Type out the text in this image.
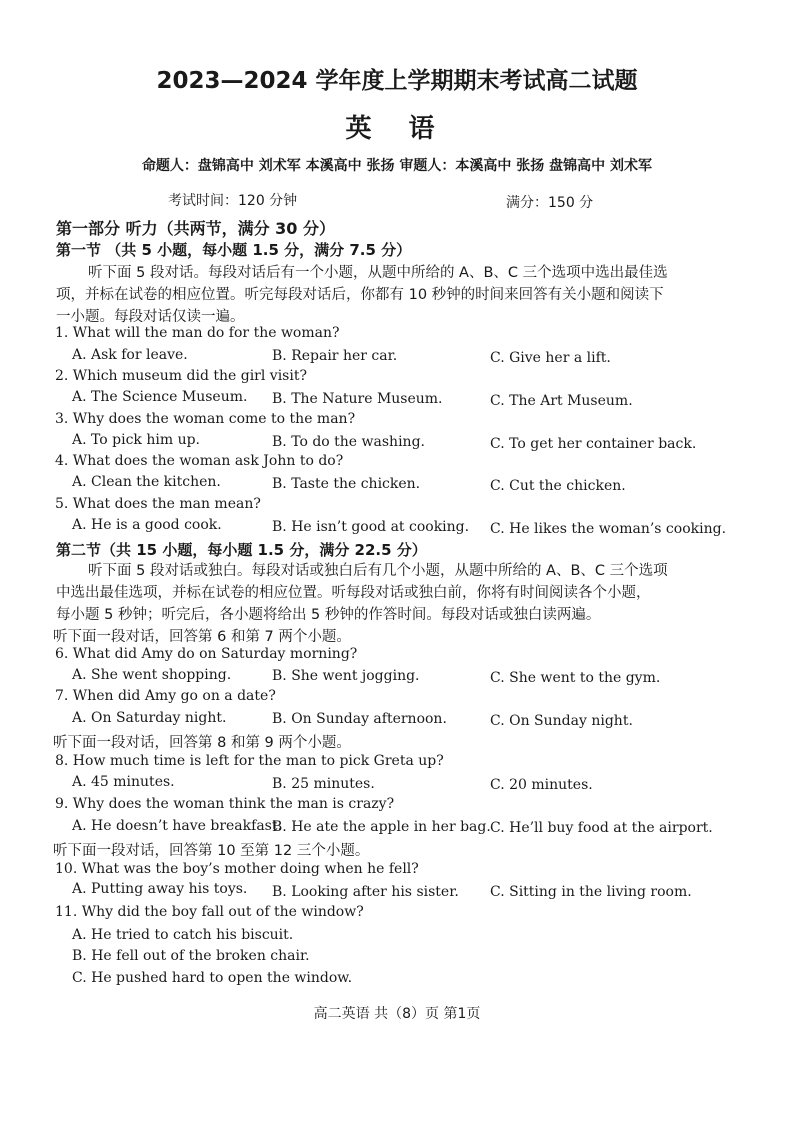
2023—2024 学年度上学期期末考试高二试题
英 语
命题人：盘锦高中 刘术军 本溪高中 张扬 审题人：本溪高中 张扬 盘锦高中 刘术军
考试时间：120 分钟	满分：150 分
第一部分 听力（共两节，满分 30 分）
第一节 （共 5 小题，每小题 1.5 分，满分 7.5 分）
听下面 5 段对话。每段对话后有一个小题，从题中所给的 A、B、C 三个选项中选出最佳选
项，并标在试卷的相应位置。听完每段对话后，你都有 10 秒钟的时间来回答有关小题和阅读下
一小题。每段对话仅读一遍。
1. What will the man do for the woman?
A. Ask for leave.	B. Repair her car.	C. Give her a lift.
2. Which museum did the girl visit?
A. The Science Museum. B. The Nature Museum.	C. The Art Museum.
3. Why does the woman come to the man?
A. To pick him up.	B. To do the washing.	C. To get her container back.
4. What does the woman ask John to do?
A. Clean the kitchen.	B. Taste the chicken.	C. Cut the chicken.
5. What does the man mean?
A. He is a good cook.	B. He isn’t good at cooking. C. He likes the woman’s cooking.
第二节（共 15 小题，每小题 1.5 分，满分 22.5 分）
听下面 5 段对话或独白。每段对话或独白后有几个小题，从题中所给的 A、B、C 三个选项
中选出最佳选项，并标在试卷的相应位置。听每段对话或独白前，你将有时间阅读各个小题，
每小题 5 秒钟；听完后，各小题将给出 5 秒钟的作答时间。每段对话或独白读两遍。
听下面一段对话，回答第 6 和第 7 两个小题。
6. What did Amy do on Saturday morning?
A. She went shopping.	B. She went jogging.	C. She went to the gym.
7. When did Amy go on a date?
A. On Saturday night.	B. On Sunday afternoon.	C. On Sunday night.
听下面一段对话，回答第 8 和第 9 两个小题。
8. How much time is left for the man to pick Greta up?
A. 45 minutes.	B. 25 minutes.	C. 20 minutes.
9. Why does the woman think the man is crazy?
A. He doesn’t have breakfast.
B. He ate the apple in her bag. C. He’ll buy food at the airport.
听下面一段对话，回答第 10 至第 12 三个小题。
10. What was the boy’s mother doing when he fell?
A. Putting away his toys. B. Looking after his sister. C. Sitting in the living room.
11. Why did the boy fall out of the window?
A. He tried to catch his biscuit.
B. He fell out of the broken chair.
C. He pushed hard to open the window.
高二英语 共（8）页 第1页
